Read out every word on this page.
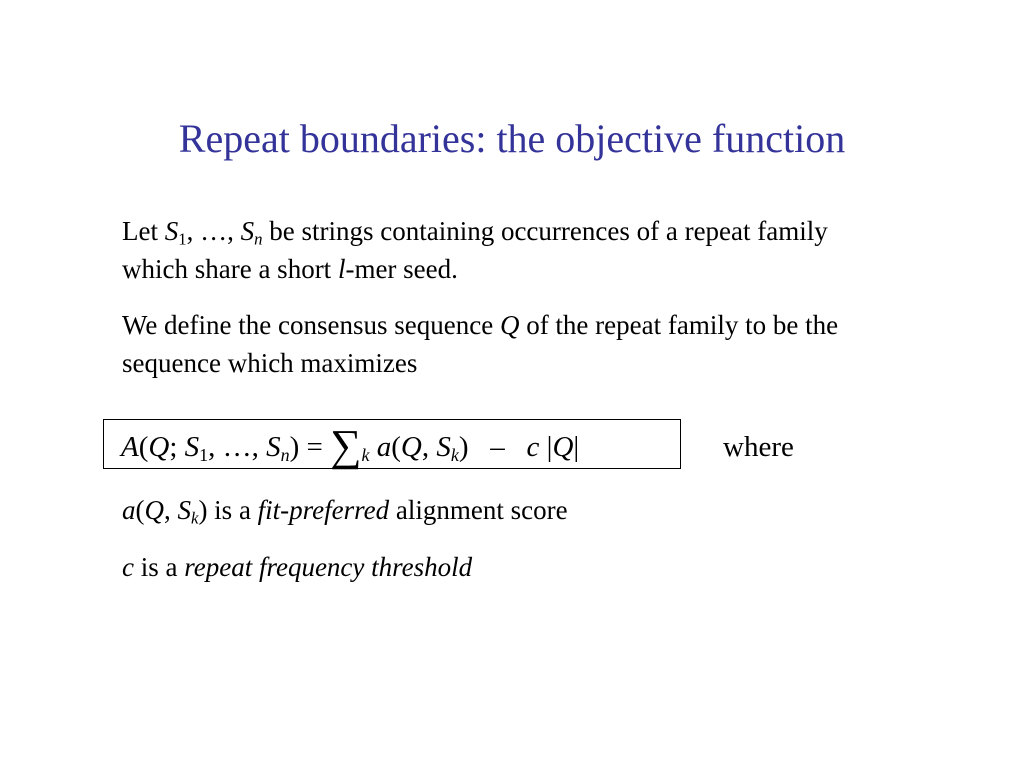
Repeat boundaries: the objective function
Let $S_1$, …, $S_n$ be strings containing occurrences of a repeat family
which share a short l-mer seed.
We define the consensus sequence Q of the repeat family to be the
sequence which maximizes
A(Q; $S_1$, …, $S_n) = \sum_k$ a(Q, $S_k$)   –   c |Q|	where
a(Q, $S_k$) is a fit-preferred alignment score
c is a repeat frequency threshold
